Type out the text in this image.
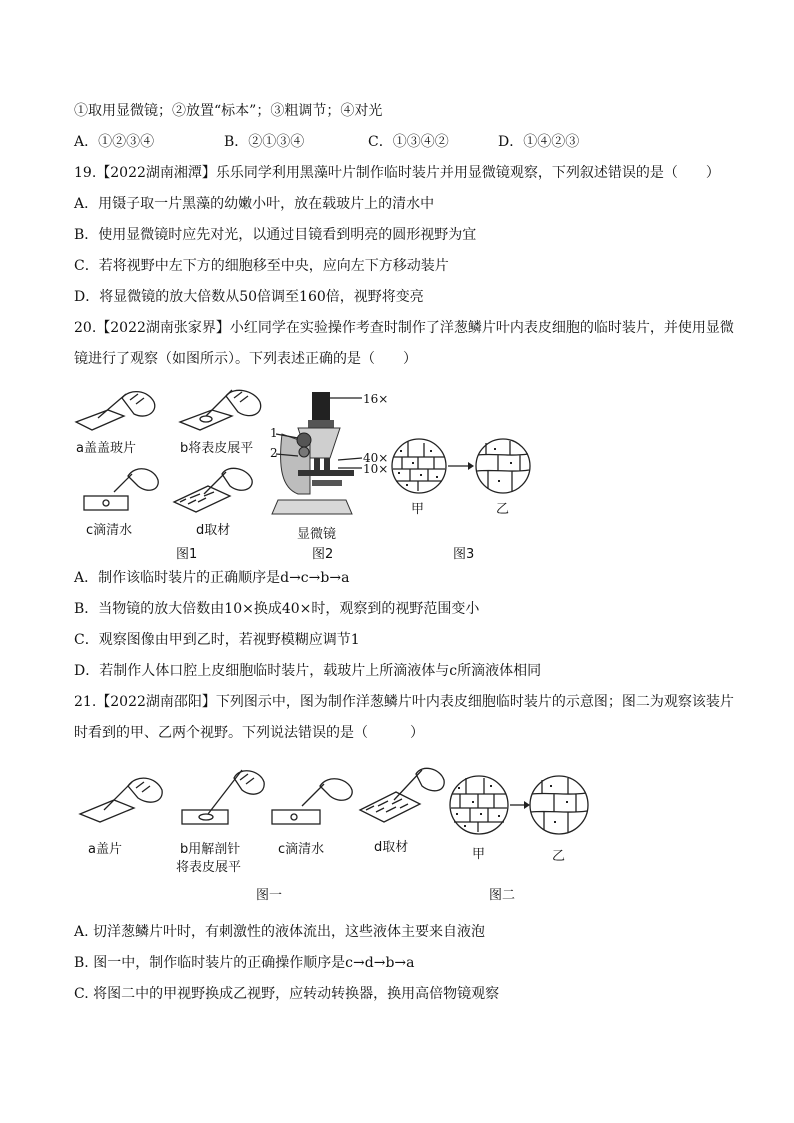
①取用显微镜；②放置“标本”；③粗调节；④对光
A．①②③④	B．②①③④	C．①③④②	D．①④②③
19.【2022湖南湘潭】乐乐同学利用黑藻叶片制作临时装片并用显微镜观察，下列叙述错误的是（　　）
A．用镊子取一片黑藻的幼嫩小叶，放在载玻片上的清水中
B．使用显微镜时应先对光，以通过目镜看到明亮的圆形视野为宜
C．若将视野中左下方的细胞移至中央，应向左下方移动装片
D．将显微镜的放大倍数从50倍调至160倍，视野将变亮
20.【2022湖南张家界】小红同学在实验操作考查时制作了洋葱鳞片叶内表皮细胞的临时装片，并使用显微
镜进行了观察（如图所示）。下列表述正确的是（　　）
a盖盖玻片	b将表皮展平
c滴清水	d取材
图1
16×
1
2	40×
10×
显微镜
图2
甲	乙
图3
A．制作该临时装片的正确顺序是d→c→b→a
B．当物镜的放大倍数由10×换成40×时，观察到的视野范围变小
C．观察图像由甲到乙时，若视野模糊应调节1
D．若制作人体口腔上皮细胞临时装片，载玻片上所滴液体与c所滴液体相同
21.【2022湖南邵阳】下列图示中，图为制作洋葱鳞片叶内表皮细胞临时装片的示意图；图二为观察该装片
时看到的甲、乙两个视野。下列说法错误的是（　　　）
a盖片	b用解剖针
将表皮展平
c滴清水	d取材
图一
甲	乙
图二
A. 切洋葱鳞片叶时，有刺激性的液体流出，这些液体主要来自液泡
B. 图一中，制作临时装片的正确操作顺序是c→d→b→a
C. 将图二中的甲视野换成乙视野，应转动转换器，换用高倍物镜观察
